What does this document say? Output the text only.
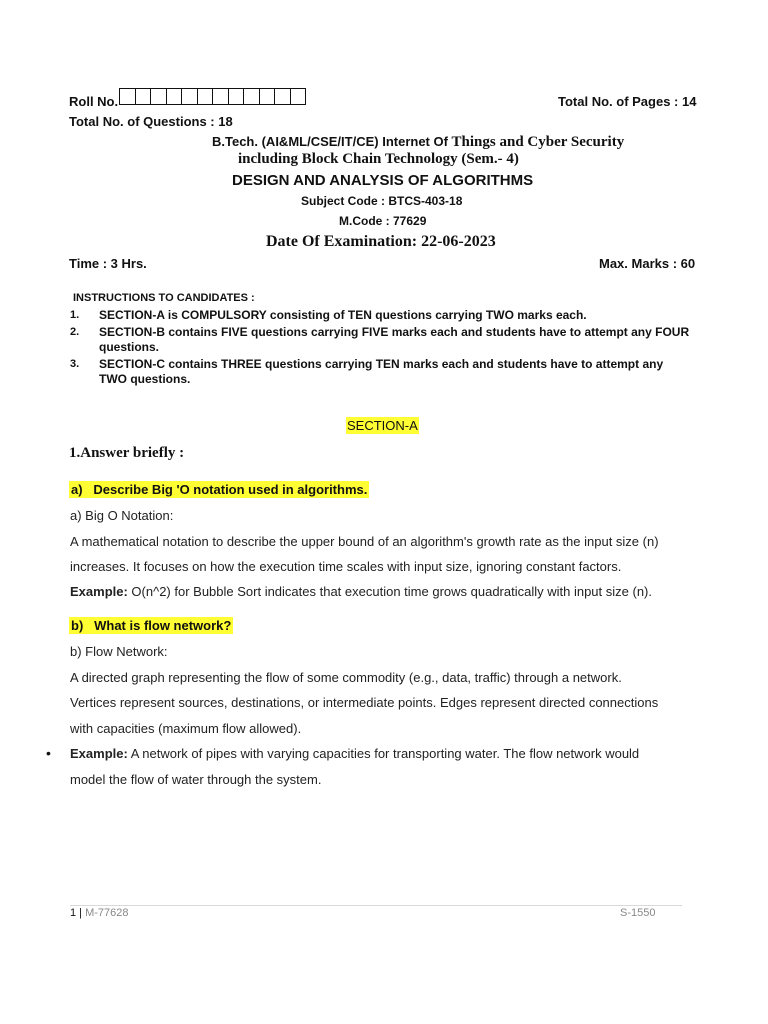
Roll No.	Total No. of Pages : 14
Total No. of Questions : 18
B.Tech. (AI&ML/CSE/IT/CE) Internet Of Things and Cyber Security
including Block Chain Technology (Sem.- 4)
DESIGN AND ANALYSIS OF ALGORITHMS
Subject Code : BTCS-403-18
M.Code : 77629
Date Of Examination: 22-06-2023
Time : 3 Hrs.	Max. Marks : 60
INSTRUCTIONS TO CANDIDATES :
1. SECTION-A is COMPULSORY consisting of TEN questions carrying TWO marks each.
2. SECTION-B contains FIVE questions carrying FIVE marks each and students have to attempt any FOUR
questions.
3. SECTION-C contains THREE questions carrying TEN marks each and students have to attempt any
TWO questions.
SECTION-A
1.Answer briefly :
a)   Describe Big 'O notation used in algorithms.
a) Big O Notation:
A mathematical notation to describe the upper bound of an algorithm's growth rate as the input size (n)
increases. It focuses on how the execution time scales with input size, ignoring constant factors.
Example: O(n^2) for Bubble Sort indicates that execution time grows quadratically with input size (n).
b)   What is flow network?
b) Flow Network:
A directed graph representing the flow of some commodity (e.g., data, traffic) through a network.
Vertices represent sources, destinations, or intermediate points. Edges represent directed connections
with capacities (maximum flow allowed).
• Example: A network of pipes with varying capacities for transporting water. The flow network would
model the flow of water through the system.
1 | M-77628	S-1550
